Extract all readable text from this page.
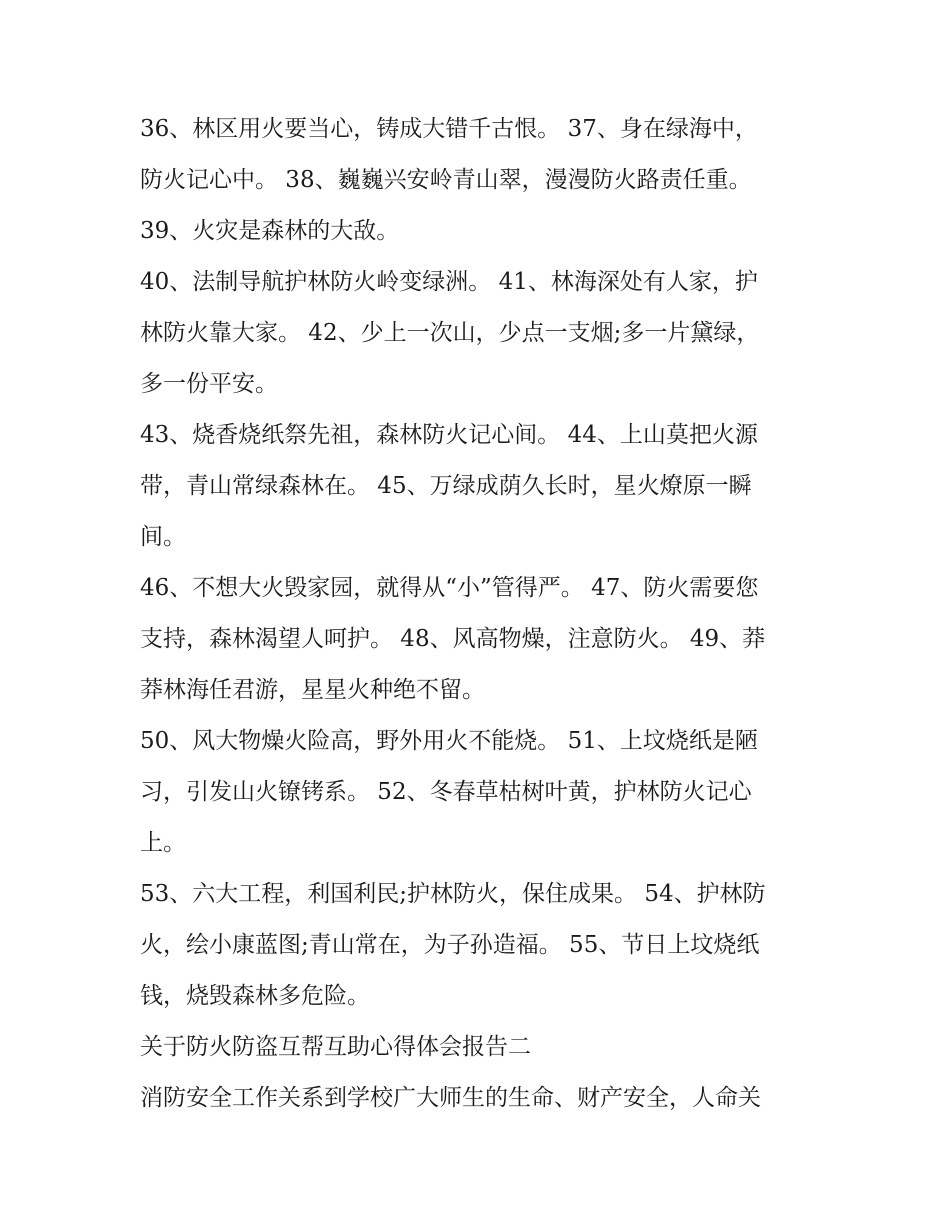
36、林区用火要当心，铸成大错千古恨。 37、身在绿海中，

防火记心中。 38、巍巍兴安岭青山翠，漫漫防火路责任重。

39、火灾是森林的大敌。

40、法制导航护林防火岭变绿洲。 41、林海深处有人家，护

林防火靠大家。 42、少上一次山，少点一支烟;多一片黛绿，

多一份平安。

43、烧香烧纸祭先祖，森林防火记心间。 44、上山莫把火源

带，青山常绿森林在。 45、万绿成荫久长时，星火燎原一瞬

间。

46、不想大火毁家园，就得从“小”管得严。 47、防火需要您

支持，森林渴望人呵护。 48、风高物燥，注意防火。 49、莽

莽林海任君游，星星火种绝不留。

50、风大物燥火险高，野外用火不能烧。 51、上坟烧纸是陋

习，引发山火镣铐系。 52、冬春草枯树叶黄，护林防火记心

上。

53、六大工程，利国利民;护林防火，保住成果。 54、护林防

火，绘小康蓝图;青山常在，为子孙造福。 55、节日上坟烧纸

钱，烧毁森林多危险。

关于防火防盗互帮互助心得体会报告二

消防安全工作关系到学校广大师生的生命、财产安全，人命关
